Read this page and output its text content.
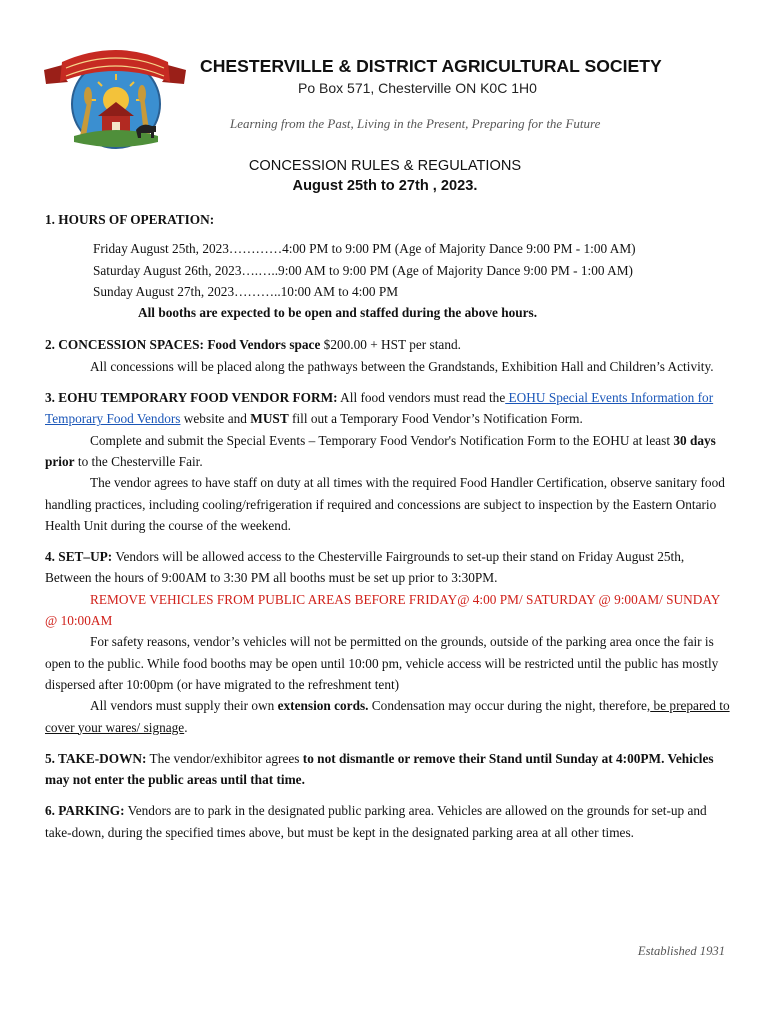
CHESTERVILLE & DISTRICT AGRICULTURAL SOCIETY
Po Box 571, Chesterville ON K0C 1H0
Learning from the Past, Living in the Present, Preparing for the Future
CONCESSION RULES & REGULATIONS
August 25th to 27th , 2023.

1. HOURS OF OPERATION:

Friday August 25th, 2023…………4:00 PM to 9:00 PM (Age of Majority Dance 9:00 PM - 1:00 AM)
Saturday August 26th, 2023….…..9:00 AM to 9:00 PM (Age of Majority Dance 9:00 PM - 1:00 AM)
Sunday August 27th, 2023………..10:00 AM to 4:00 PM
All booths are expected to be open and staffed during the above hours.

2. CONCESSION SPACES: Food Vendors space $200.00 + HST per stand.

All concessions will be placed along the pathways between the Grandstands, Exhibition Hall and Children’s Activity.

3. EOHU TEMPORARY FOOD VENDOR FORM: All food vendors must read the EOHU Special Events Information for Temporary Food Vendors website and MUST fill out a Temporary Food Vendor’s Notification Form.

Complete and submit the Special Events – Temporary Food Vendor's Notification Form to the EOHU at least 30 days prior to the Chesterville Fair.

The vendor agrees to have staff on duty at all times with the required Food Handler Certification, observe sanitary food handling practices, including cooling/refrigeration if required and concessions are subject to inspection by the Eastern Ontario Health Unit during the course of the weekend.

4. SET–UP: Vendors will be allowed access to the Chesterville Fairgrounds to set-up their stand on Friday August 25th, Between the hours of 9:00AM to 3:30 PM all booths must be set up prior to 3:30PM.

REMOVE VEHICLES FROM PUBLIC AREAS BEFORE FRIDAY@ 4:00 PM/ SATURDAY @ 9:00AM/ SUNDAY @ 10:00AM

For safety reasons, vendor’s vehicles will not be permitted on the grounds, outside of the parking area once the fair is open to the public. While food booths may be open until 10:00 pm, vehicle access will be restricted until the public has mostly dispersed after 10:00pm (or have migrated to the refreshment tent)

All vendors must supply their own extension cords. Condensation may occur during the night, therefore, be prepared to cover your wares/ signage.

5. TAKE-DOWN: The vendor/exhibitor agrees to not dismantle or remove their Stand until Sunday at 4:00PM. Vehicles may not enter the public areas until that time.

6. PARKING: Vendors are to park in the designated public parking area. Vehicles are allowed on the grounds for set-up and take-down, during the specified times above, but must be kept in the designated parking area at all other times.

Established 1931
